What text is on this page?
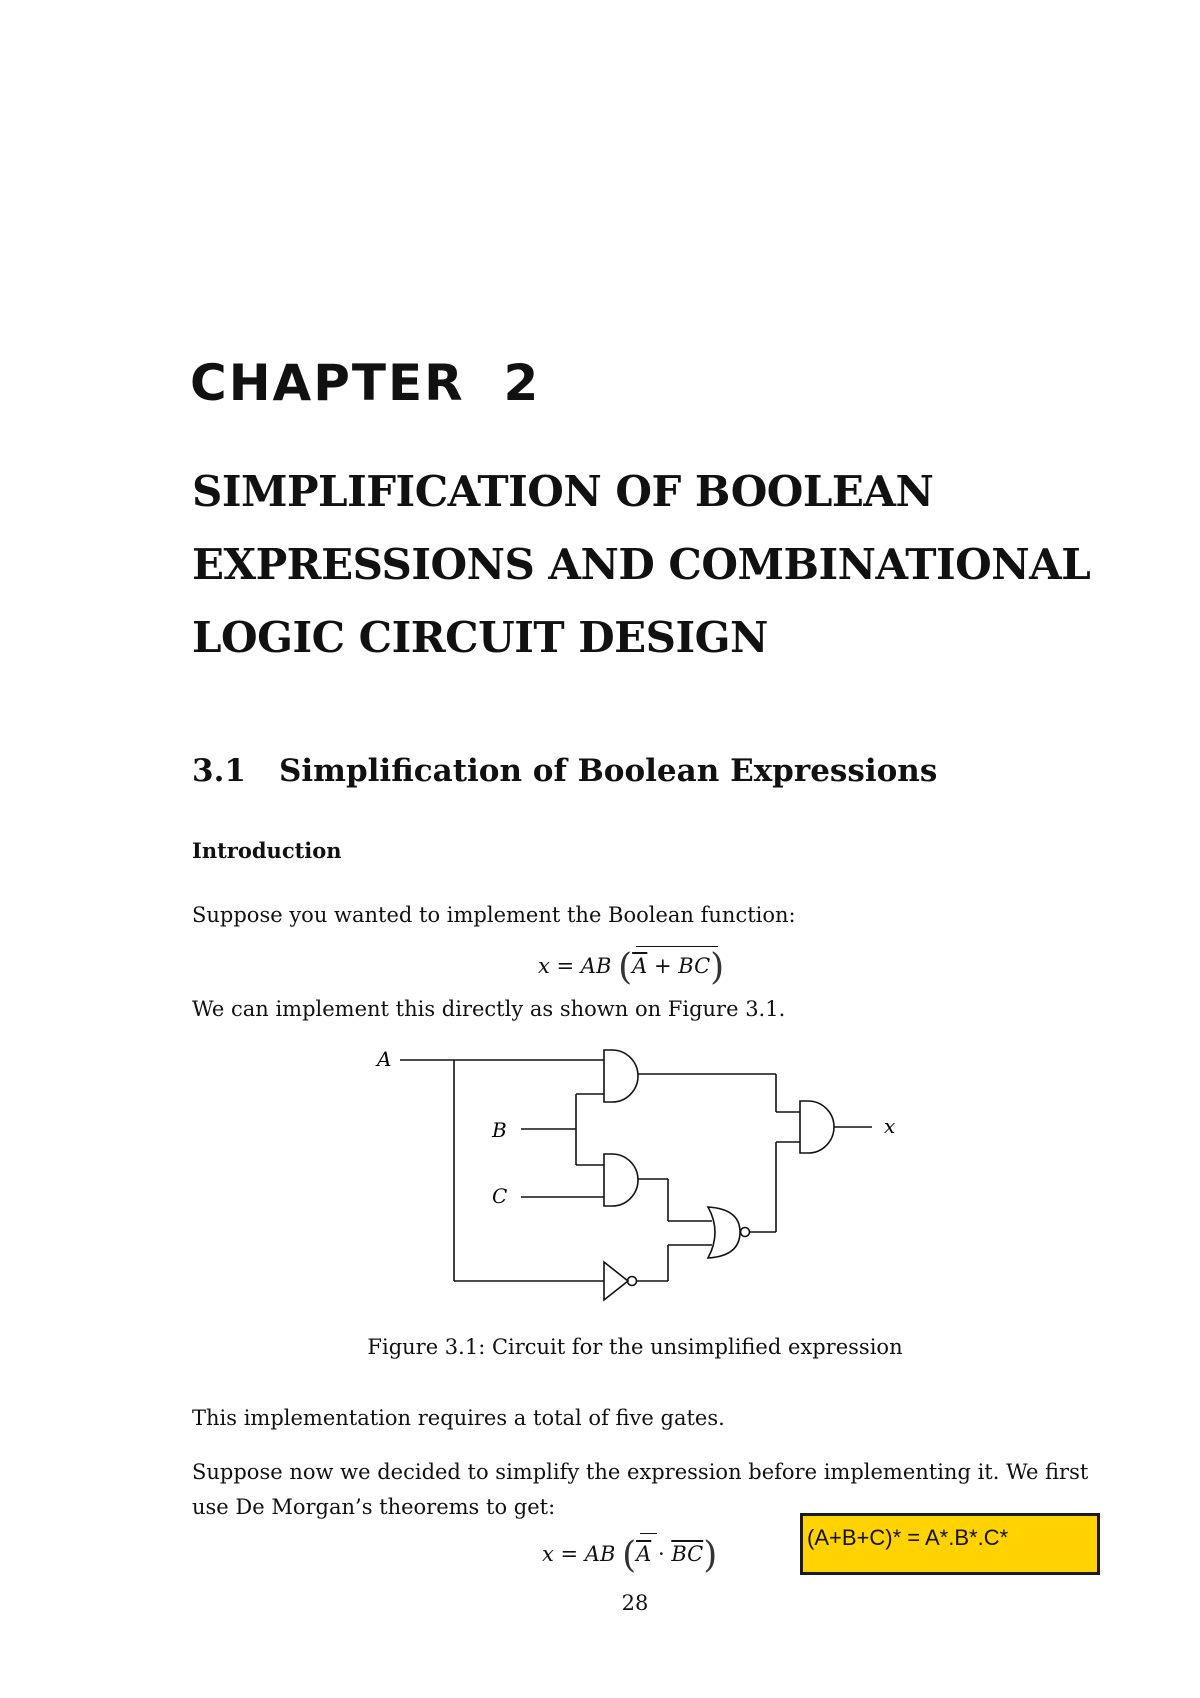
CHAPTER  2
SIMPLIFICATION OF BOOLEAN
EXPRESSIONS AND COMBINATIONAL
LOGIC CIRCUIT DESIGN
3.1 Simplification of Boolean Expressions
Introduction

Suppose you wanted to implement the Boolean function:

x = AB $(\overline{A} + BC)$

We can implement this directly as shown on Figure 3.1.

A
B
C
x

Figure 3.1: Circuit for the unsimplified expression

This implementation requires a total of five gates.

Suppose now we decided to simplify the expression before implementing it. We first
use De Morgan’s theorems to get:

x = AB $(\overline{A} \cdot \overline{BC})$	(A+B+C)* = A*.B*.C*

28
